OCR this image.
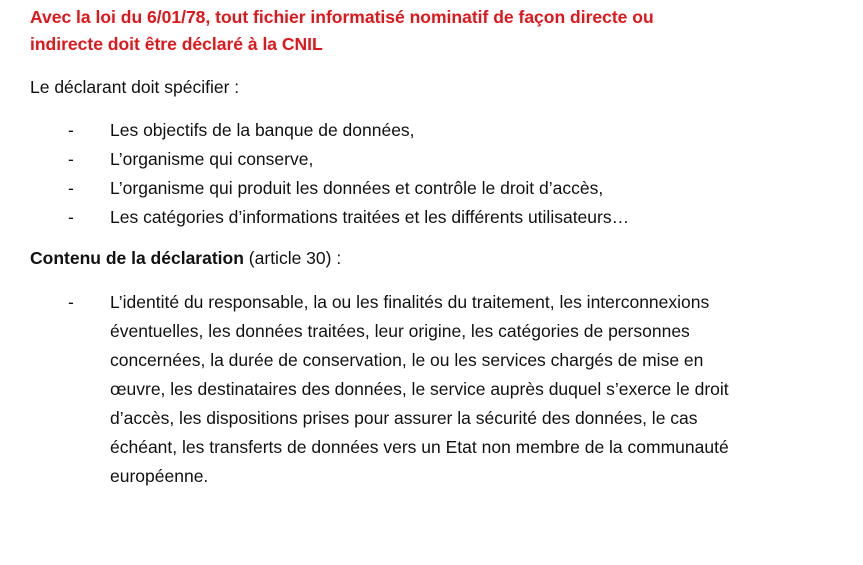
Avec la loi du 6/01/78, tout fichier informatisé nominatif de façon directe ou
indirecte doit être déclaré à la CNIL

Le déclarant doit spécifier :

- Les objectifs de la banque de données,
- L’organisme qui conserve,
- L’organisme qui produit les données et contrôle le droit d’accès,
- Les catégories d’informations traitées et les différents utilisateurs…

Contenu de la déclaration (article 30) :

- L’identité du responsable, la ou les finalités du traitement, les interconnexions éventuelles, les données traitées, leur origine, les catégories de personnes concernées, la durée de conservation, le ou les services chargés de mise en œuvre, les destinataires des données, le service auprès duquel s’exerce le droit d’accès, les dispositions prises pour assurer la sécurité des données, le cas échéant, les transferts de données vers un Etat non membre de la communauté européenne.
